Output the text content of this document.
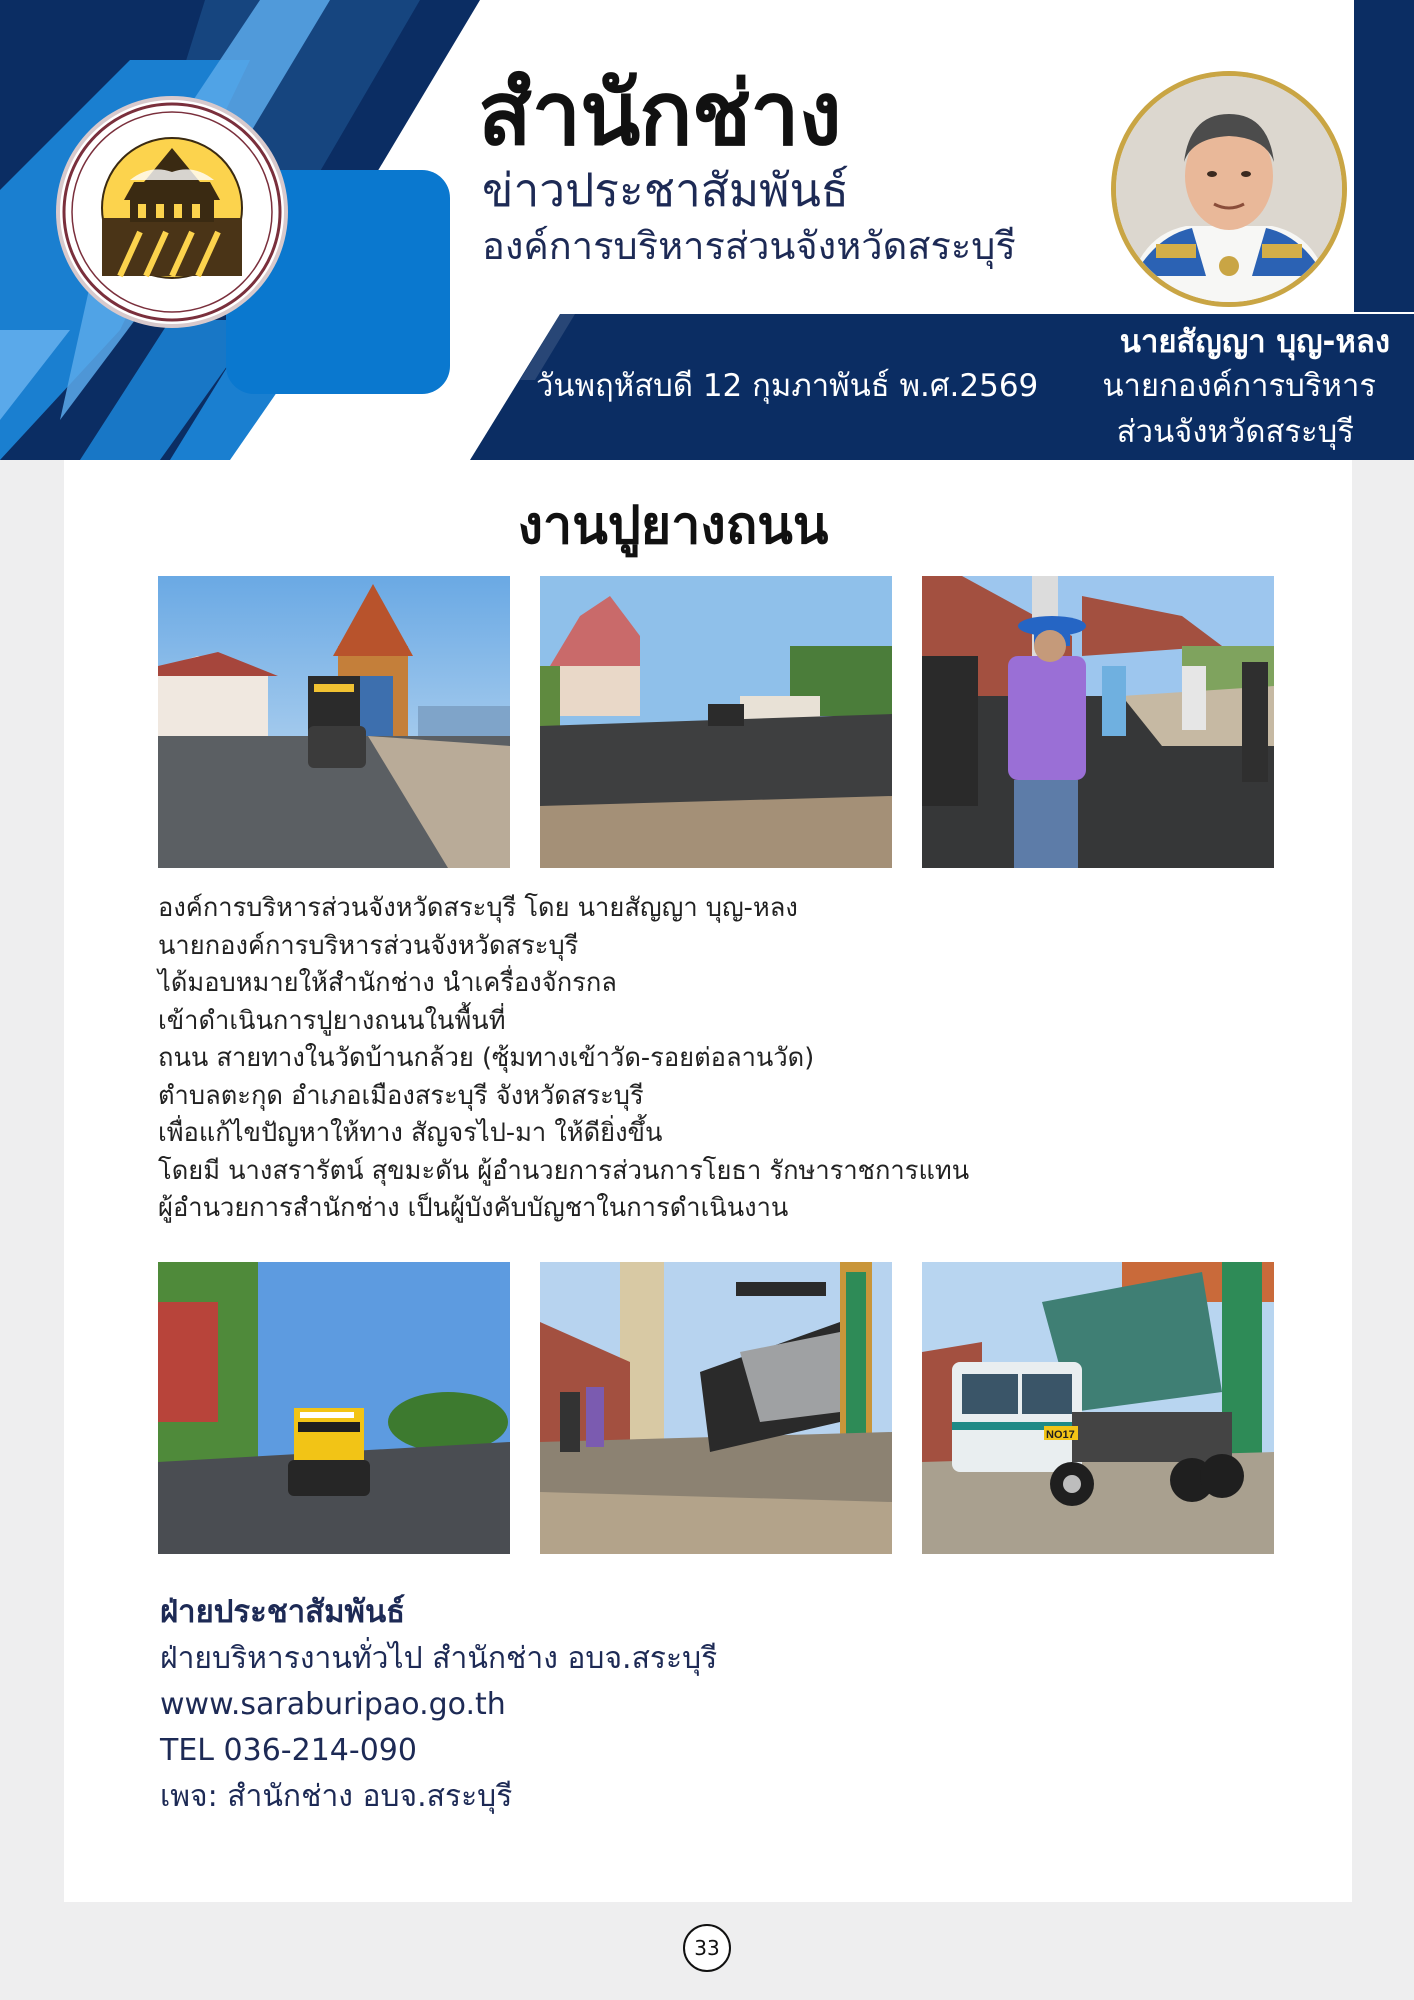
สำนักช่าง
ข่าวประชาสัมพันธ์
องค์การบริหารส่วนจังหวัดสระบุรี
นายสัญญา บุญ-หลง
วันพฤหัสบดี 12 กุมภาพันธ์ พ.ศ.2569 นายกองค์การบริหาร
ส่วนจังหวัดสระบุรี
งานปูยางถนน
องค์การบริหารส่วนจังหวัดสระบุรี โดย นายสัญญา บุญ-หลง
นายกองค์การบริหารส่วนจังหวัดสระบุรี
ได้มอบหมายให้สำนักช่าง นำเครื่องจักรกล
เข้าดำเนินการปูยางถนนในพื้นที่
ถนน สายทางในวัดบ้านกล้วย (ซุ้มทางเข้าวัด-รอยต่อลานวัด)
ตำบลตะกุด อำเภอเมืองสระบุรี จังหวัดสระบุรี
เพื่อแก้ไขปัญหาให้ทาง สัญจรไป-มา ให้ดียิ่งขึ้น
โดยมี นางสรารัตน์ สุขมะดัน ผู้อำนวยการส่วนการโยธา รักษาราชการแทน
ผู้อำนวยการสำนักช่าง เป็นผู้บังคับบัญชาในการดำเนินงาน
NO17
ฝ่ายประชาสัมพันธ์
ฝ่ายบริหารงานทั่วไป สำนักช่าง อบจ.สระบุรี
www.saraburipao.go.th
TEL 036-214-090
เพจ: สำนักช่าง อบจ.สระบุรี
33
